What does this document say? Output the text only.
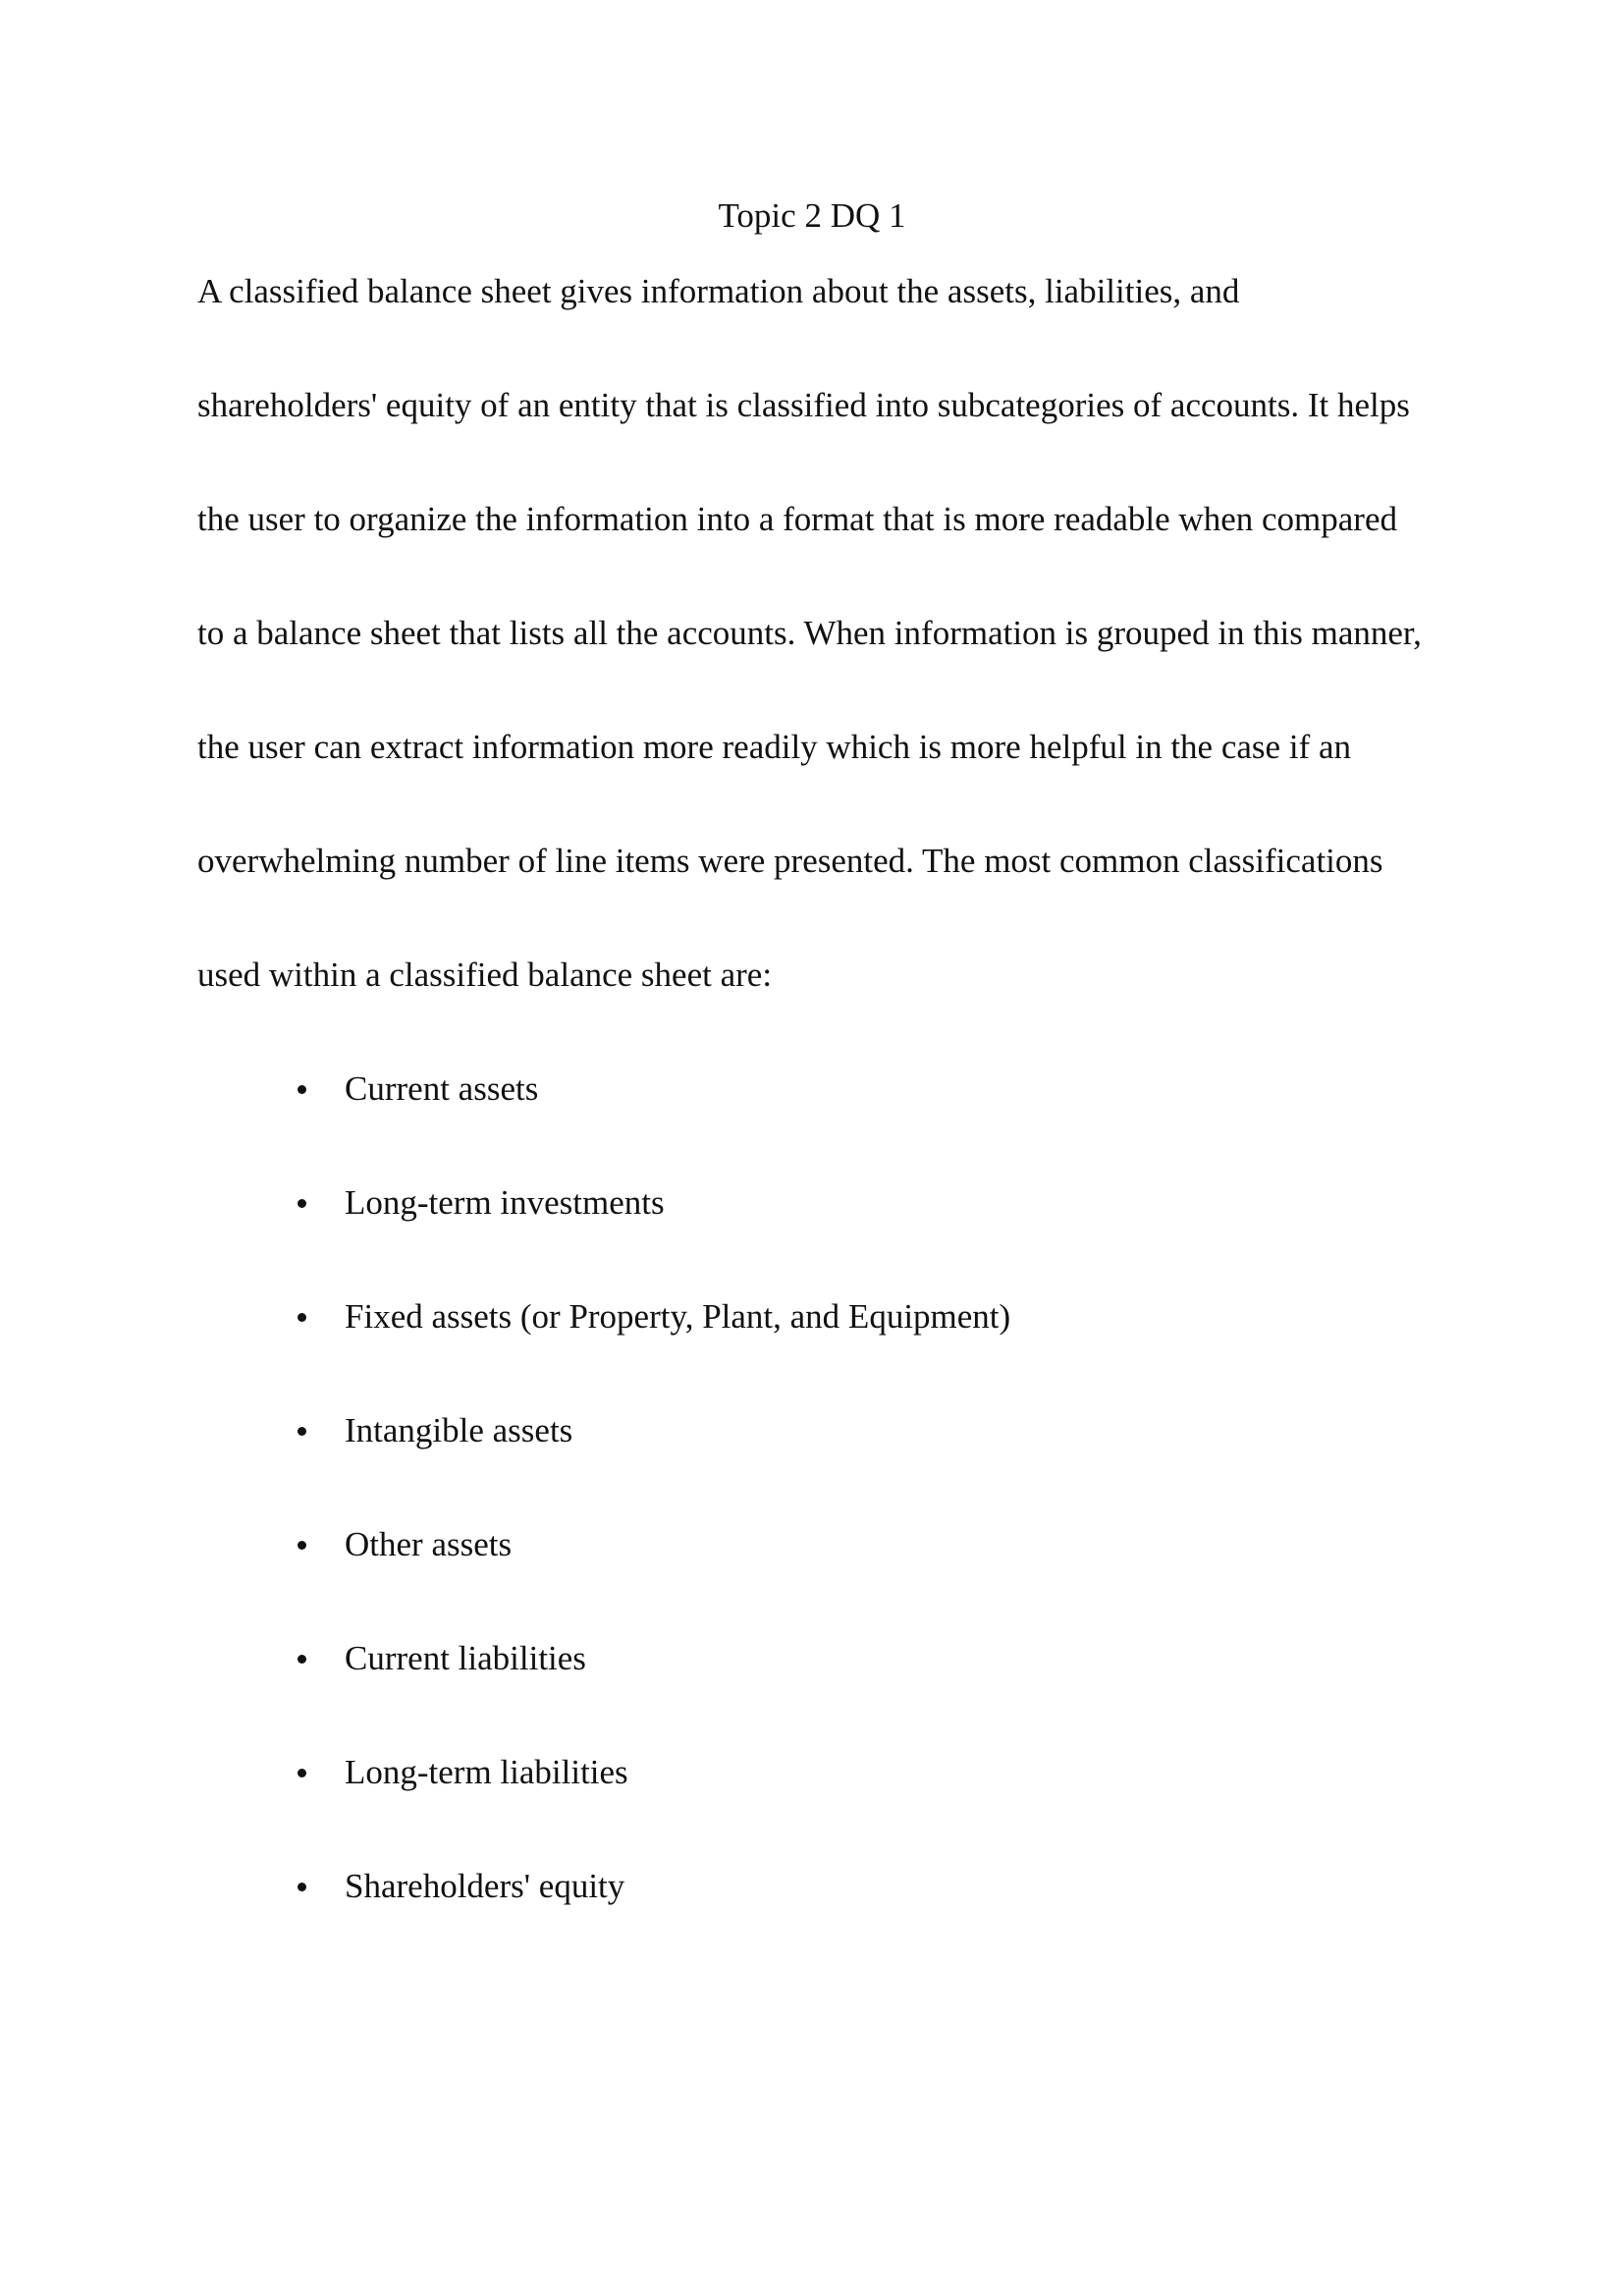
Topic 2 DQ 1
A classified balance sheet gives information about the assets, liabilities, and
shareholders' equity of an entity that is classified into subcategories of accounts. It helps
the user to organize the information into a format that is more readable when compared
to a balance sheet that lists all the accounts. When information is grouped in this manner,
the user can extract information more readily which is more helpful in the case if an
overwhelming number of line items were presented. The most common classifications
used within a classified balance sheet are:
Current assets
Long-term investments
Fixed assets (or Property, Plant, and Equipment)
Intangible assets
Other assets
Current liabilities
Long-term liabilities
Shareholders' equity
